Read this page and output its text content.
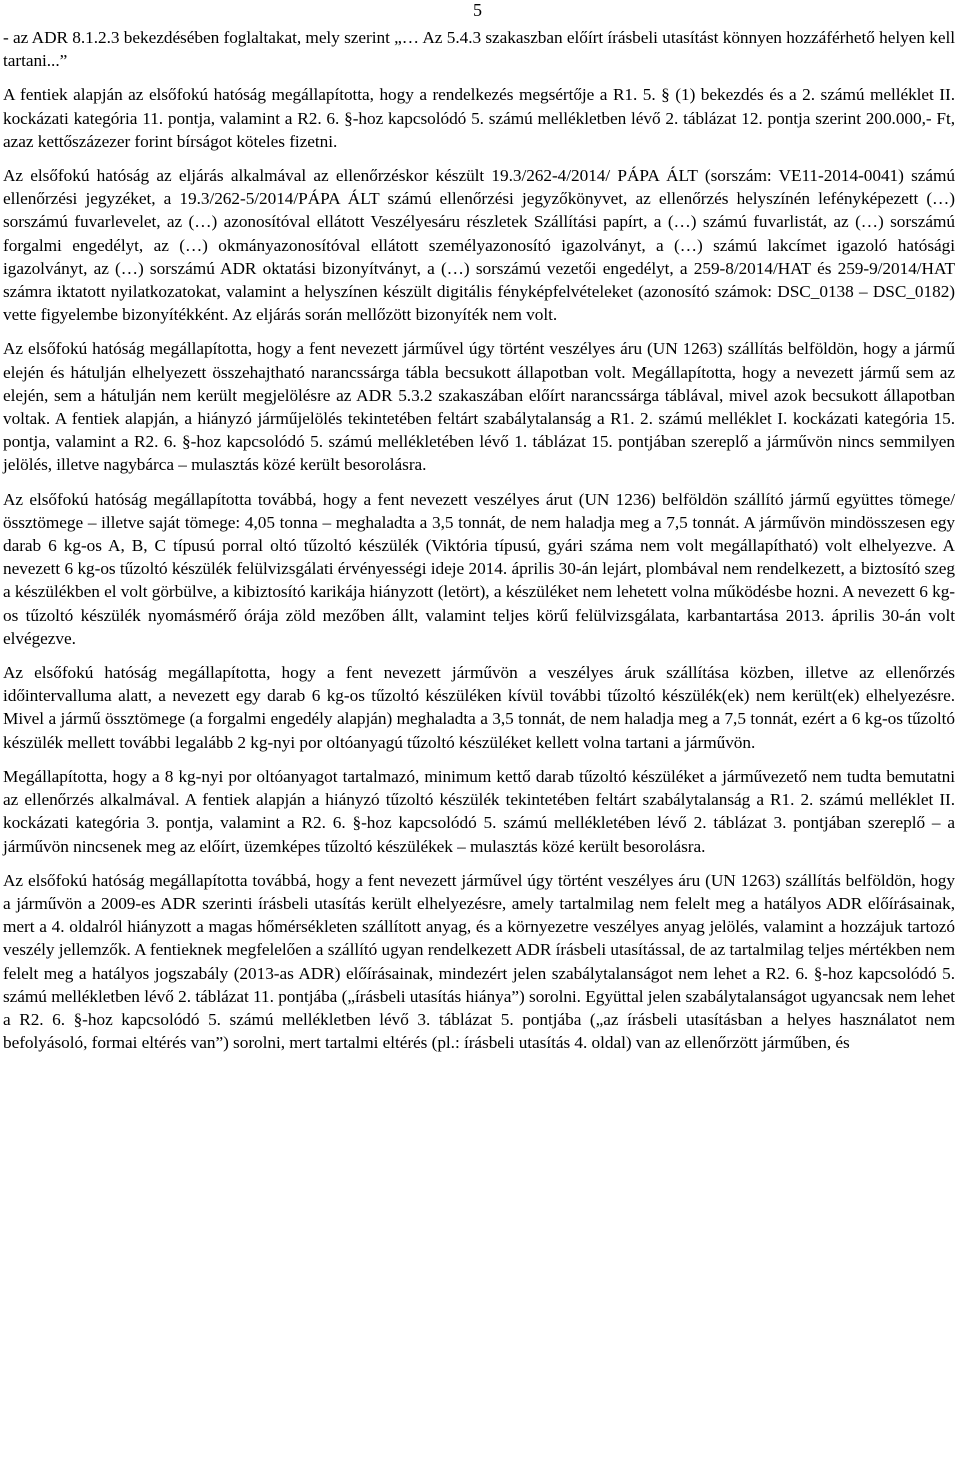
5

- az ADR 8.1.2.3 bekezdésében foglaltakat, mely szerint „… Az 5.4.3 szakaszban előírt írásbeli utasítást könnyen hozzáférhető helyen kell tartani...”

A fentiek alapján az elsőfokú hatóság megállapította, hogy a rendelkezés megsértője a R1. 5. § (1) bekezdés és a 2. számú melléklet II. kockázati kategória 11. pontja, valamint a R2. 6. §-hoz kapcsolódó 5. számú mellékletben lévő 2. táblázat 12. pontja szerint 200.000,- Ft, azaz kettőszázezer forint bírságot köteles fizetni.

Az elsőfokú hatóság az eljárás alkalmával az ellenőrzéskor készült 19.3/262-4/2014/ PÁPA ÁLT (sorszám: VE11-2014-0041) számú ellenőrzési jegyzéket, a 19.3/262-5/2014/PÁPA ÁLT számú ellenőrzési jegyzőkönyvet, az ellenőrzés helyszínén lefényképezett (…) sorszámú fuvarlevelet, az (…) azonosítóval ellátott Veszélyesáru részletek Szállítási papírt, a (…) számú fuvarlistát, az (…) sorszámú forgalmi engedélyt, az (…) okmányazonosítóval ellátott személyazonosító igazolványt, a (…) számú lakcímet igazoló hatósági igazolványt, az (…) sorszámú ADR oktatási bizonyítványt, a (…) sorszámú vezetői engedélyt, a 259-8/2014/HAT és 259-9/2014/HAT számra iktatott nyilatkozatokat, valamint a helyszínen készült digitális fényképfelvételeket (azonosító számok: DSC_0138 – DSC_0182) vette figyelembe bizonyítékként. Az eljárás során mellőzött bizonyíték nem volt.

Az elsőfokú hatóság megállapította, hogy a fent nevezett járművel úgy történt veszélyes áru (UN 1263) szállítás belföldön, hogy a jármű elején és hátulján elhelyezett összehajtható narancssárga tábla becsukott állapotban volt. Megállapította, hogy a nevezett jármű sem az elején, sem a hátulján nem került megjelölésre az ADR 5.3.2 szakaszában előírt narancssárga táblával, mivel azok becsukott állapotban voltak. A fentiek alapján, a hiányzó járműjelölés tekintetében feltárt szabálytalanság a R1. 2. számú melléklet I. kockázati kategória 15. pontja, valamint a R2. 6. §-hoz kapcsolódó 5. számú mellékletében lévő 1. táblázat 15. pontjában szereplő a járművön nincs semmilyen jelölés, illetve nagybárca – mulasztás közé került besorolásra.

Az elsőfokú hatóság megállapította továbbá, hogy a fent nevezett veszélyes árut (UN 1236) belföldön szállító jármű együttes tömege/össztömege – illetve saját tömege: 4,05 tonna – meghaladta a 3,5 tonnát, de nem haladja meg a 7,5 tonnát. A járművön mindösszesen egy darab 6 kg-os A, B, C típusú porral oltó tűzoltó készülék (Viktória típusú, gyári száma nem volt megállapítható) volt elhelyezve. A nevezett 6 kg-os tűzoltó készülék felülvizsgálati érvényességi ideje 2014. április 30-án lejárt, plombával nem rendelkezett, a biztosító szeg a készülékben el volt görbülve, a kibiztosító karikája hiányzott (letört), a készüléket nem lehetett volna működésbe hozni. A nevezett 6 kg-os tűzoltó készülék nyomásmérő órája zöld mezőben állt, valamint teljes körű felülvizsgálata, karbantartása 2013. április 30-án volt elvégezve.

Az elsőfokú hatóság megállapította, hogy a fent nevezett járművön a veszélyes áruk szállítása közben, illetve az ellenőrzés időintervalluma alatt, a nevezett egy darab 6 kg-os tűzoltó készüléken kívül további tűzoltó készülék(ek) nem került(ek) elhelyezésre. Mivel a jármű össztömege (a forgalmi engedély alapján) meghaladta a 3,5 tonnát, de nem haladja meg a 7,5 tonnát, ezért a 6 kg-os tűzoltó készülék mellett további legalább 2 kg-nyi por oltóanyagú tűzoltó készüléket kellett volna tartani a járművön.

Megállapította, hogy a 8 kg-nyi por oltóanyagot tartalmazó, minimum kettő darab tűzoltó készüléket a járművezető nem tudta bemutatni az ellenőrzés alkalmával. A fentiek alapján a hiányzó tűzoltó készülék tekintetében feltárt szabálytalanság a R1. 2. számú melléklet II. kockázati kategória 3. pontja, valamint a R2. 6. §-hoz kapcsolódó 5. számú mellékletében lévő 2. táblázat 3. pontjában szereplő – a járművön nincsenek meg az előírt, üzemképes tűzoltó készülékek – mulasztás közé került besorolásra.

Az elsőfokú hatóság megállapította továbbá, hogy a fent nevezett járművel úgy történt veszélyes áru (UN 1263) szállítás belföldön, hogy a járművön a 2009-es ADR szerinti írásbeli utasítás került elhelyezésre, amely tartalmilag nem felelt meg a hatályos ADR előírásainak, mert a 4. oldalról hiányzott a magas hőmérsékleten szállított anyag, és a környezetre veszélyes anyag jelölés, valamint a hozzájuk tartozó veszély jellemzők. A fentieknek megfelelően a szállító ugyan rendelkezett ADR írásbeli utasítással, de az tartalmilag teljes mértékben nem felelt meg a hatályos jogszabály (2013-as ADR) előírásainak, mindezért jelen szabálytalanságot nem lehet a R2. 6. §-hoz kapcsolódó 5. számú mellékletben lévő 2. táblázat 11. pontjába („írásbeli utasítás hiánya”) sorolni. Együttal jelen szabálytalanságot ugyancsak nem lehet a R2. 6. §-hoz kapcsolódó 5. számú mellékletben lévő 3. táblázat 5. pontjába („az írásbeli utasításban a helyes használatot nem befolyásoló, formai eltérés van”) sorolni, mert tartalmi eltérés (pl.: írásbeli utasítás 4. oldal) van az ellenőrzött járműben, és
